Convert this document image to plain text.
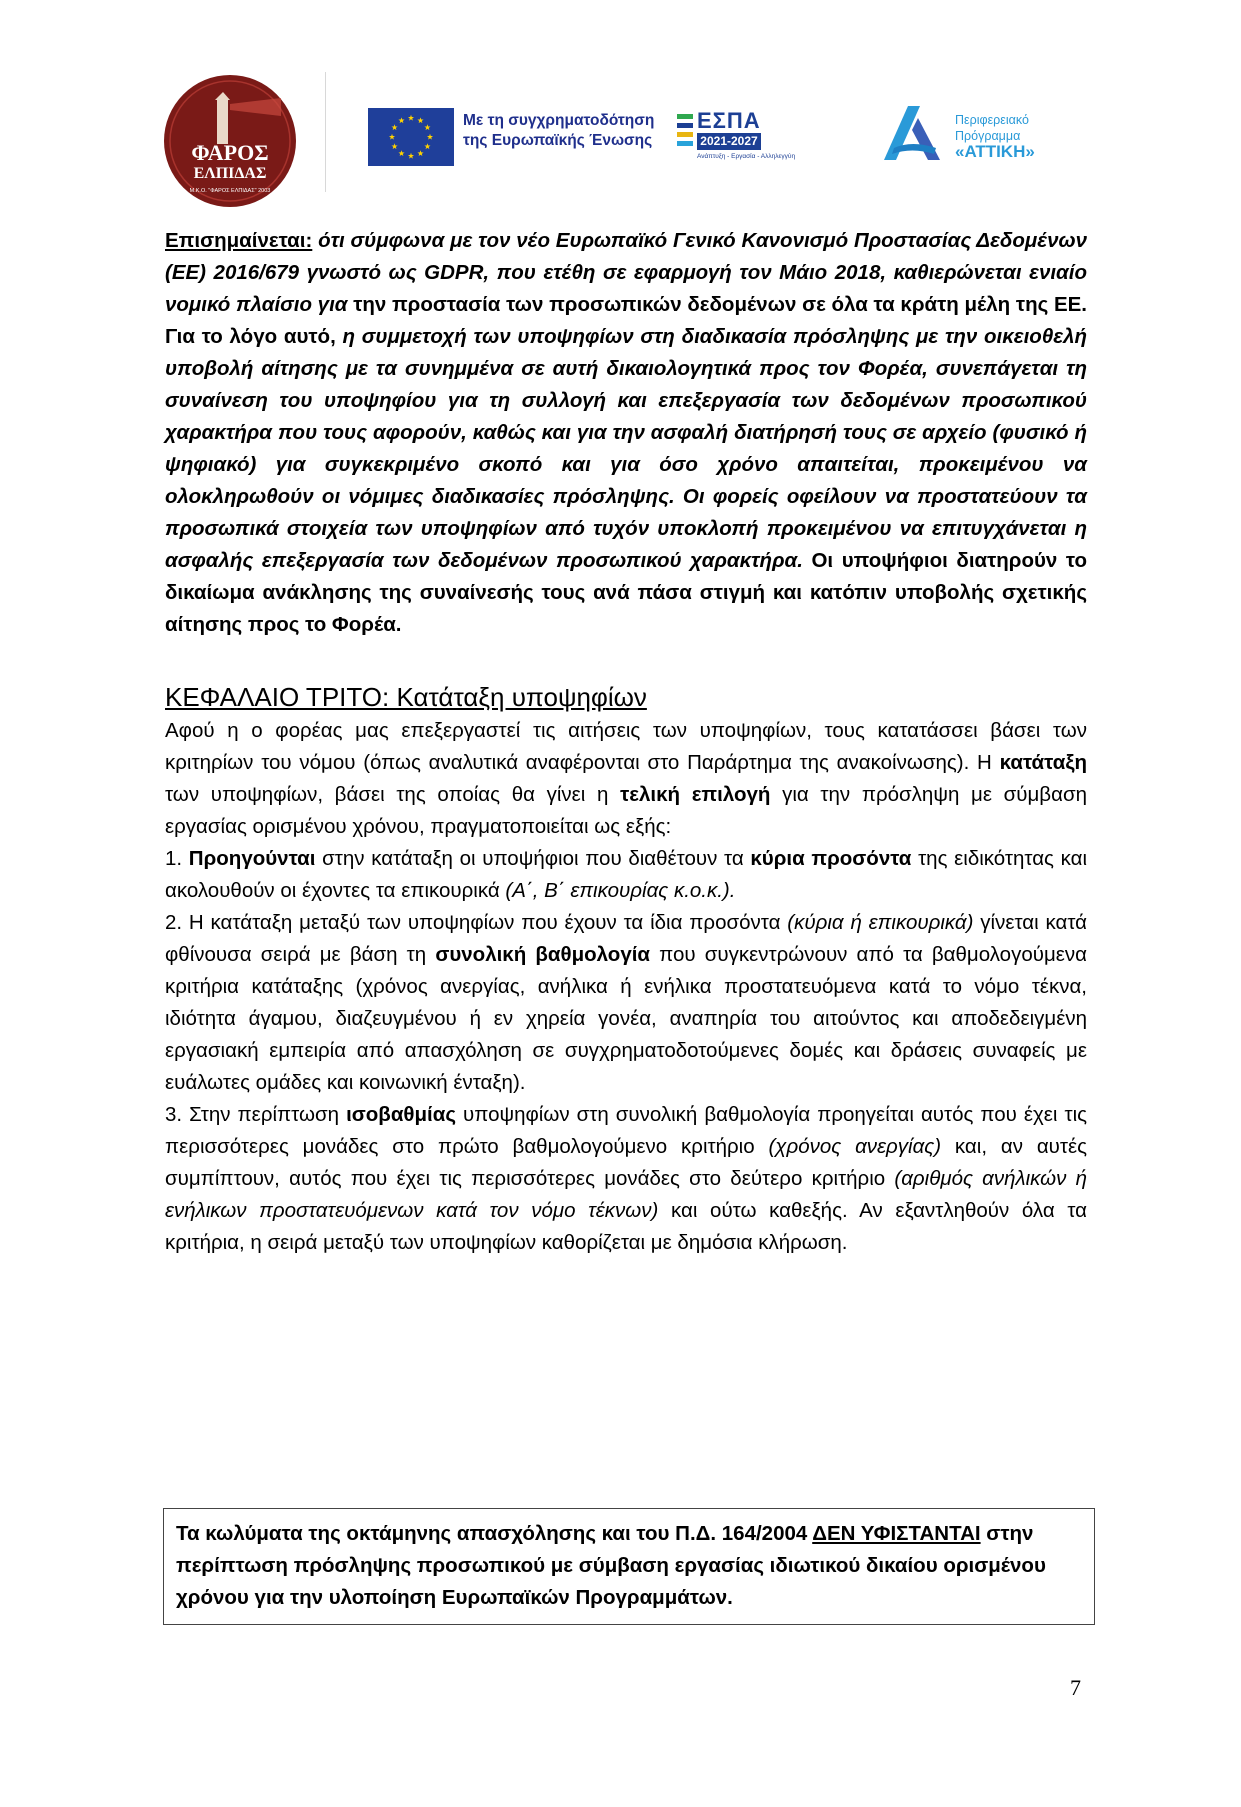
ΦΑΡΟΣ
ΕΛΠΙΔΑΣ
Μ.Κ.Ο. "ΦΑΡΟΣ ΕΛΠΙΔΑΣ" 2003
Με τη συγχρηματοδότηση
της Ευρωπαϊκής Ένωσης
ΕΣΠΑ
2021-2027
Ανάπτυξη - Εργασία - Αλληλεγγύη
Περιφερειακό
Πρόγραμμα
«ΑΤΤΙΚΗ»

Επισημαίνεται: ότι σύμφωνα με τον νέο Ευρωπαϊκό Γενικό Κανονισμό Προστασίας Δεδομένων (ΕΕ) 2016/679 γνωστό ως GDPR, που ετέθη σε εφαρμογή τον Μάιο 2018, καθιερώνεται ενιαίο νομικό πλαίσιο για την προστασία των προσωπικών δεδομένων σε όλα τα κράτη μέλη της ΕΕ. Για το λόγο αυτό, η συμμετοχή των υποψηφίων στη διαδικασία πρόσληψης με την οικειοθελή υποβολή αίτησης με τα συνημμένα σε αυτή δικαιολογητικά προς τον Φορέα, συνεπάγεται τη συναίνεση του υποψηφίου για τη συλλογή και επεξεργασία των δεδομένων προσωπικού χαρακτήρα που τους αφορούν, καθώς και για την ασφαλή διατήρησή τους σε αρχείο (φυσικό ή ψηφιακό) για συγκεκριμένο σκοπό και για όσο χρόνο απαιτείται, προκειμένου να ολοκληρωθούν οι νόμιμες διαδικασίες πρόσληψης. Οι φορείς οφείλουν να προστατεύουν τα προσωπικά στοιχεία των υποψηφίων από τυχόν υποκλοπή προκειμένου να επιτυγχάνεται η ασφαλής επεξεργασία των δεδομένων προσωπικού χαρακτήρα. Οι υποψήφιοι διατηρούν το δικαίωμα ανάκλησης της συναίνεσής τους ανά πάσα στιγμή και κατόπιν υποβολής σχετικής αίτησης προς το Φορέα.

ΚΕΦΑΛΑΙΟ ΤΡΙΤΟ: Κατάταξη υποψηφίων

Αφού η ο φορέας μας επεξεργαστεί τις αιτήσεις των υποψηφίων, τους κατατάσσει βάσει των κριτηρίων του νόμου (όπως αναλυτικά αναφέρονται στο Παράρτημα της ανακοίνωσης). Η κατάταξη των υποψηφίων, βάσει της οποίας θα γίνει η τελική επιλογή για την πρόσληψη με σύμβαση εργασίας ορισμένου χρόνου, πραγματοποιείται ως εξής:

1. Προηγούνται στην κατάταξη οι υποψήφιοι που διαθέτουν τα κύρια προσόντα της ειδικότητας και ακολουθούν οι έχοντες τα επικουρικά (Α΄, Β΄ επικουρίας κ.ο.κ.).

2. Η κατάταξη μεταξύ των υποψηφίων που έχουν τα ίδια προσόντα (κύρια ή επικουρικά) γίνεται κατά φθίνουσα σειρά με βάση τη συνολική βαθμολογία που συγκεντρώνουν από τα βαθμολογούμενα κριτήρια κατάταξης (χρόνος ανεργίας, ανήλικα ή ενήλικα προστατευόμενα κατά το νόμο τέκνα, ιδιότητα άγαμου, διαζευγμένου ή εν χηρεία γονέα, αναπηρία του αιτούντος και αποδεδειγμένη εργασιακή εμπειρία από απασχόληση σε συγχρηματοδοτούμενες δομές και δράσεις συναφείς με ευάλωτες ομάδες και κοινωνική ένταξη).

3. Στην περίπτωση ισοβαθμίας υποψηφίων στη συνολική βαθμολογία προηγείται αυτός που έχει τις περισσότερες μονάδες στο πρώτο βαθμολογούμενο κριτήριο (χρόνος ανεργίας) και, αν αυτές συμπίπτουν, αυτός που έχει τις περισσότερες μονάδες στο δεύτερο κριτήριο (αριθμός ανήλικών ή ενήλικων προστατευόμενων κατά τον νόμο τέκνων) και ούτω καθεξής. Αν εξαντληθούν όλα τα κριτήρια, η σειρά μεταξύ των υποψηφίων καθορίζεται με δημόσια κλήρωση.

Τα κωλύματα της οκτάμηνης απασχόλησης και του Π.Δ. 164/2004 ΔΕΝ ΥΦΙΣΤΑΝΤΑΙ στην περίπτωση πρόσληψης προσωπικού με σύμβαση εργασίας ιδιωτικού δικαίου ορισμένου χρόνου για την υλοποίηση Ευρωπαϊκών Προγραμμάτων.
7
